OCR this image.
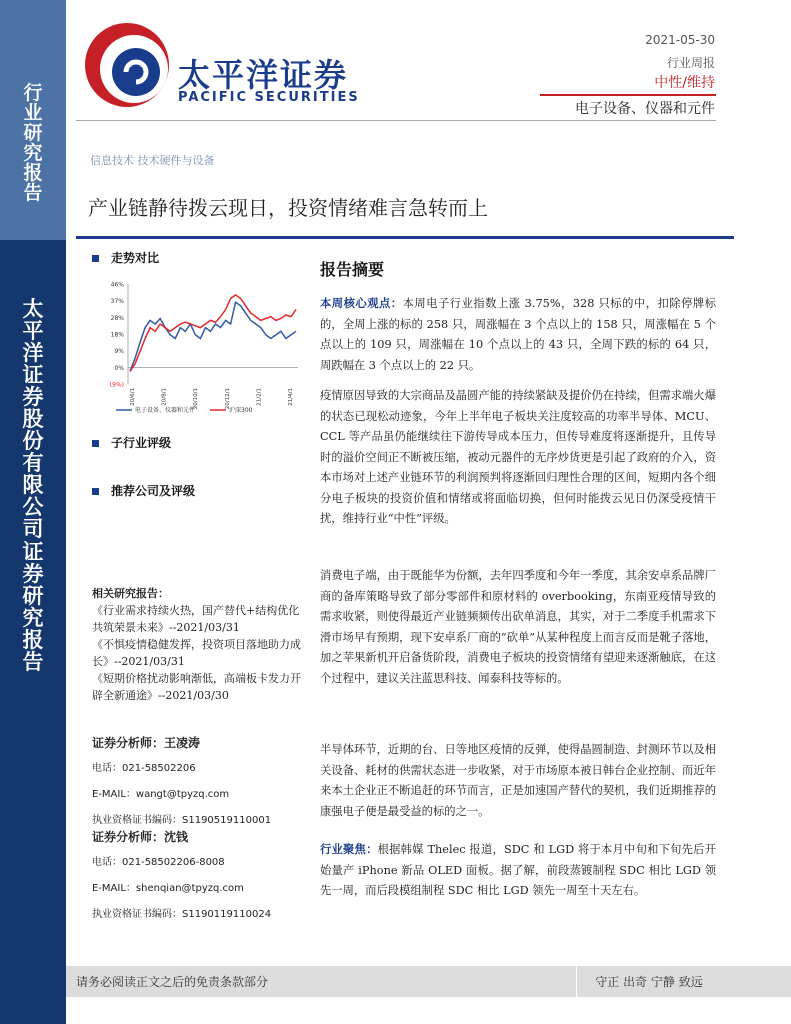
行
业
研
究
报
告
太
平
洋
证
券
股
份
有
限
公
司
证
券
研
究
报
告
太平洋证券
PACIFIC SECURITIES
2021-05-30
行业周报
中性/维持
电子设备、仪器和元件
信息技术 技术硬件与设备
产业链静待拨云现日，投资情绪难言急转而上
走势对比
46%
37%
28%
18%
9%
0%
(9%)
20/6/1	20/8/1	20/10/1	20/12/1	21/2/1	21/4/1
电子设备、仪器和元件	沪深300
子行业评级
推荐公司及评级

相关研究报告：

《行业需求持续火热，国产替代+结构优化共筑荣景未来》--2021/03/31

《不惧疫情稳健发挥，投资项目落地助力成长》--2021/03/31

《短期价格扰动影响渐低，高端板卡发力开辟全新通途》--2021/03/30

证券分析师：王凌涛
电话：021-58502206
E-MAIL：wangt@tpyzq.com
执业资格证书编码：S1190519110001
证券分析师：沈钱
电话：021-58502206-8008
E-MAIL：shenqian@tpyzq.com
执业资格证书编码：S1190119110024
报告摘要

本周核心观点：本周电子行业指数上涨 3.75%，328 只标的中，扣除停牌标的，全周上涨的标的 258 只，周涨幅在 3 个点以上的 158 只，周涨幅在 5 个点以上的 109 只，周涨幅在 10 个点以上的 43 只，全周下跌的标的 64 只，周跌幅在 3 个点以上的 22 只。

疫情原因导致的大宗商品及晶圆产能的持续紧缺及提价仍在持续，但需求端火爆的状态已现松动迹象，今年上半年电子板块关注度较高的功率半导体、MCU、CCL 等产品虽仍能继续往下游传导成本压力，但传导难度将逐渐提升，且传导时的溢价空间正不断被压缩，被动元器件的无序炒货更是引起了政府的介入，资本市场对上述产业链环节的利润预判将逐渐回归理性合理的区间，短期内各个细分电子板块的投资价值和情绪或将面临切换，但何时能拨云见日仍深受疫情干扰，维持行业“中性”评级。

消费电子端，由于既能华为份额，去年四季度和今年一季度，其余安卓系品牌厂商的备库策略导致了部分零部件和原材料的 overbooking，东南亚疫情导致的需求收紧，则使得最近产业链频频传出砍单消息，其实，对于二季度手机需求下滑市场早有预期，现下安卓系厂商的“砍单”从某种程度上而言反而是靴子落地，加之苹果新机开启备货阶段，消费电子板块的投资情绪有望迎来逐渐触底，在这个过程中，建议关注蓝思科技、闻泰科技等标的。

半导体环节，近期的台、日等地区疫情的反弹，使得晶圆制造、封测环节以及相关设备、耗材的供需状态进一步收紧，对于市场原本被日韩台企业控制、而近年来本土企业正不断追赶的环节而言，正是加速国产替代的契机，我们近期推荐的康强电子便是最受益的标的之一。

行业聚焦：根据韩媒 Thelec 报道，SDC 和 LGD 将于本月中旬和下旬先后开始量产 iPhone 新品 OLED 面板。据了解，前段蒸镀制程 SDC 相比 LGD 领先一周，而后段模组制程 SDC 相比 LGD 领先一周至十天左右。

请务必阅读正文之后的免责条款部分	守正 出奇 宁静 致远
